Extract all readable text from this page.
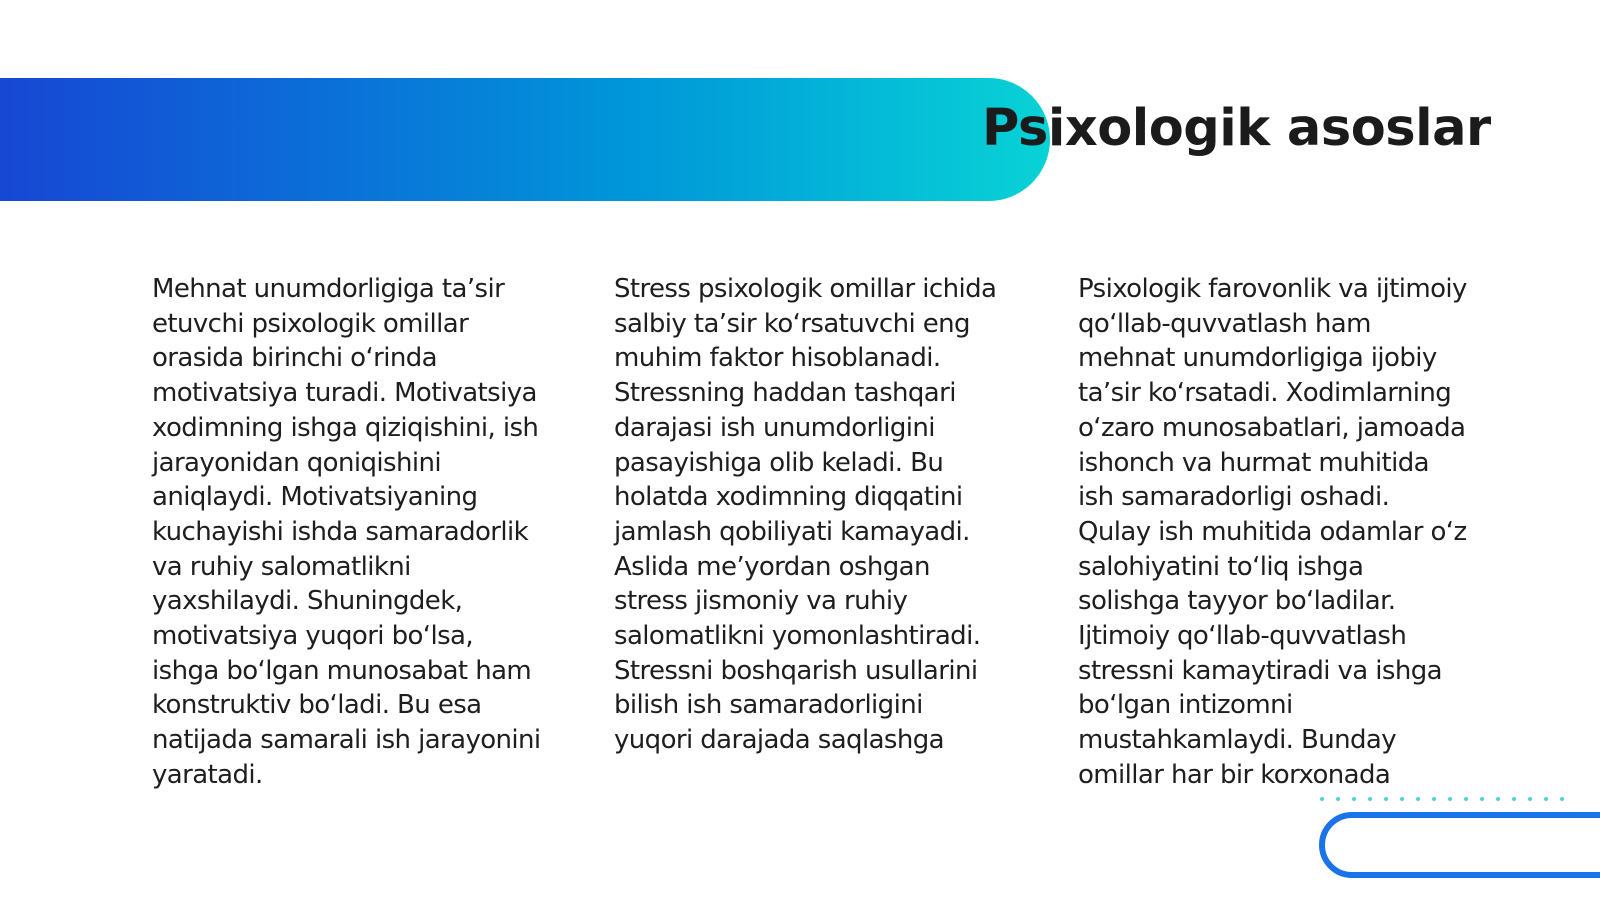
Psixologik asoslar

Mehnat unumdorligiga ta’sir etuvchi psixologik omillar orasida birinchi o‘rinda motivatsiya turadi. Motivatsiya xodimning ishga qiziqishini, ish jarayonidan qoniqishini aniqlaydi. Motivatsiyaning kuchayishi ishda samaradorlik va ruhiy salomatlikni yaxshilaydi. Shuningdek, motivatsiya yuqori bo‘lsa, ishga bo‘lgan munosabat ham konstruktiv bo‘ladi. Bu esa natijada samarali ish jarayonini yaratadi.

Stress psixologik omillar ichida salbiy ta’sir ko‘rsatuvchi eng muhim faktor hisoblanadi. Stressning haddan tashqari darajasi ish unumdorligini pasayishiga olib keladi. Bu holatda xodimning diqqatini jamlash qobiliyati kamayadi. Aslida me’yordan oshgan stress jismoniy va ruhiy salomatlikni yomonlashtiradi. Stressni boshqarish usullarini bilish ish samaradorligini yuqori darajada saqlashga

Psixologik farovonlik va ijtimoiy qo‘llab-quvvatlash ham mehnat unumdorligiga ijobiy ta’sir ko‘rsatadi. Xodimlarning o‘zaro munosabatlari, jamoada ishonch va hurmat muhitida ish samaradorligi oshadi. Qulay ish muhitida odamlar o‘z salohiyatini to‘liq ishga solishga tayyor bo‘ladilar. Ijtimoiy qo‘llab-quvvatlash stressni kamaytiradi va ishga bo‘lgan intizomni mustahkamlaydi. Bunday omillar har bir korxonada
